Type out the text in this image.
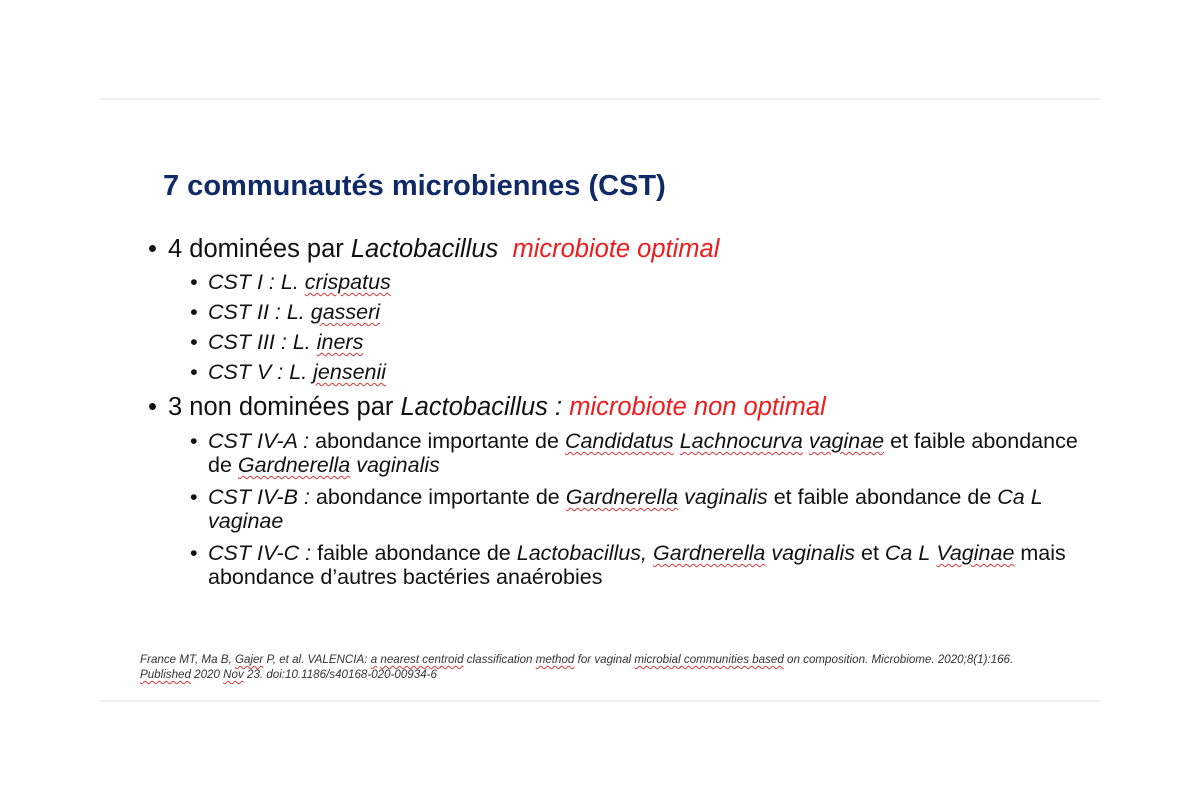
7 communautés microbiennes (CST)
• 4 dominées par Lactobacillus microbiote optimal
• CST I : L. crispatus
• CST II : L. gasseri
• CST III : L. iners
• CST V : L. jensenii
• 3 non dominées par Lactobacillus : microbiote non optimal
• CST IV-A : abondance importante de Candidatus Lachnocurva vaginae et faible abondance de Gardnerella vaginalis
• CST IV-B : abondance importante de Gardnerella vaginalis et faible abondance de Ca L vaginae
• CST IV-C : faible abondance de Lactobacillus, Gardnerella vaginalis et Ca L Vaginae mais abondance d’autres bactéries anaérobies
France MT, Ma B, Gajer P, et al. VALENCIA: a nearest centroid classification method for vaginal microbial communities based on composition. Microbiome. 2020;8(1):166. Published 2020 Nov 23. doi:10.1186/s40168-020-00934-6
